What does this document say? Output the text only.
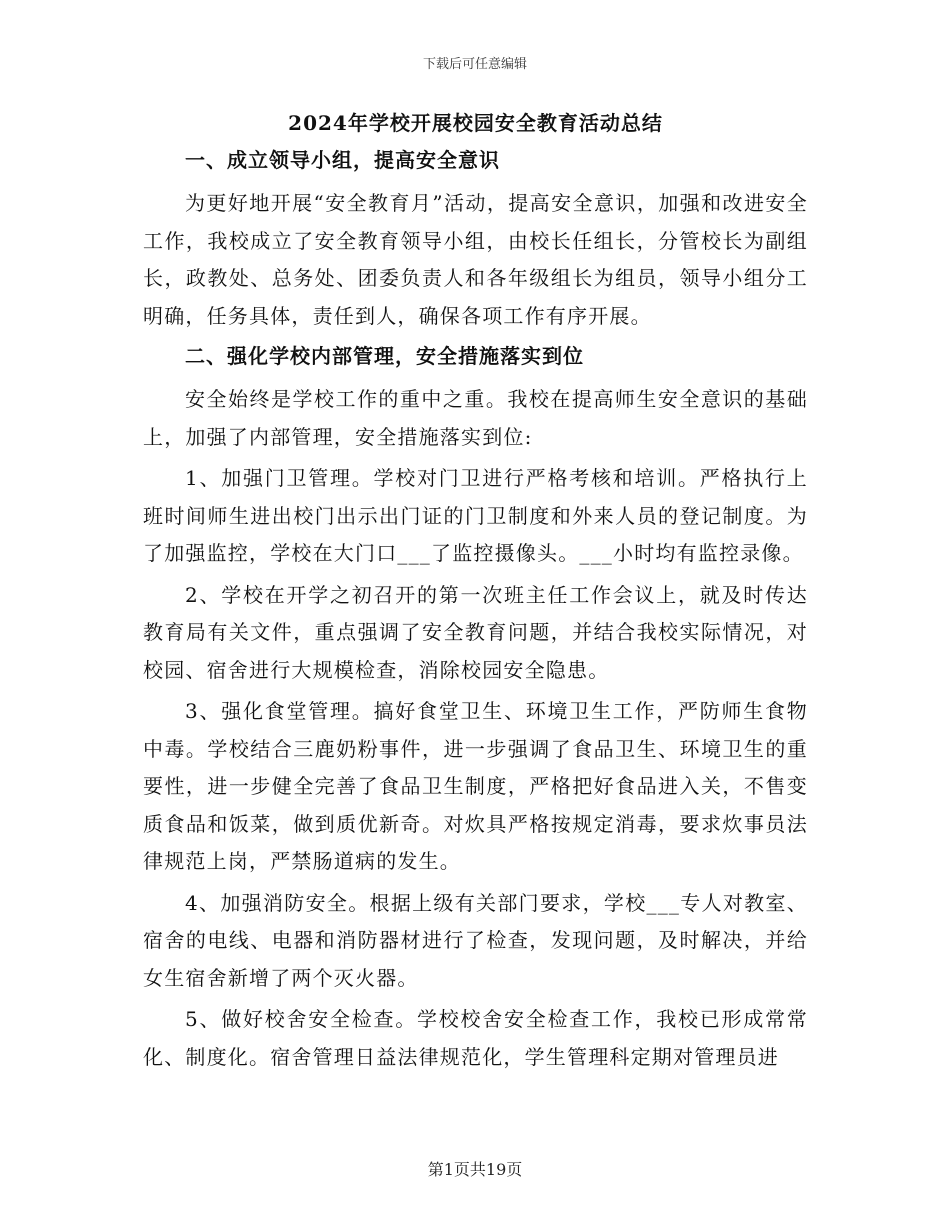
下载后可任意编辑
2024年学校开展校园安全教育活动总结
一、成立领导小组，提高安全意识

为更好地开展“安全教育月”活动，提高安全意识，加强和改进安全工作，我校成立了安全教育领导小组，由校长任组长，分管校长为副组长，政教处、总务处、团委负责人和各年级组长为组员，领导小组分工明确，任务具体，责任到人，确保各项工作有序开展。

二、强化学校内部管理，安全措施落实到位

安全始终是学校工作的重中之重。我校在提高师生安全意识的基础上，加强了内部管理，安全措施落实到位:

1、加强门卫管理。学校对门卫进行严格考核和培训。严格执行上班时间师生进出校门出示出门证的门卫制度和外来人员的登记制度。为了加强监控，学校在大门口___了监控摄像头。___小时均有监控录像。

2、学校在开学之初召开的第一次班主任工作会议上，就及时传达教育局有关文件，重点强调了安全教育问题，并结合我校实际情况，对校园、宿舍进行大规模检查，消除校园安全隐患。

3、强化食堂管理。搞好食堂卫生、环境卫生工作，严防师生食物中毒。学校结合三鹿奶粉事件，进一步强调了食品卫生、环境卫生的重要性，进一步健全完善了食品卫生制度，严格把好食品进入关，不售变质食品和饭菜，做到质优新奇。对炊具严格按规定消毒，要求炊事员法律规范上岗，严禁肠道病的发生。

4、加强消防安全。根据上级有关部门要求，学校___专人对教室、宿舍的电线、电器和消防器材进行了检查，发现问题，及时解决，并给女生宿舍新增了两个灭火器。

5、做好校舍安全检查。学校校舍安全检查工作，我校已形成常常化、制度化。宿舍管理日益法律规范化，学生管理科定期对管理员进

第1页共19页
